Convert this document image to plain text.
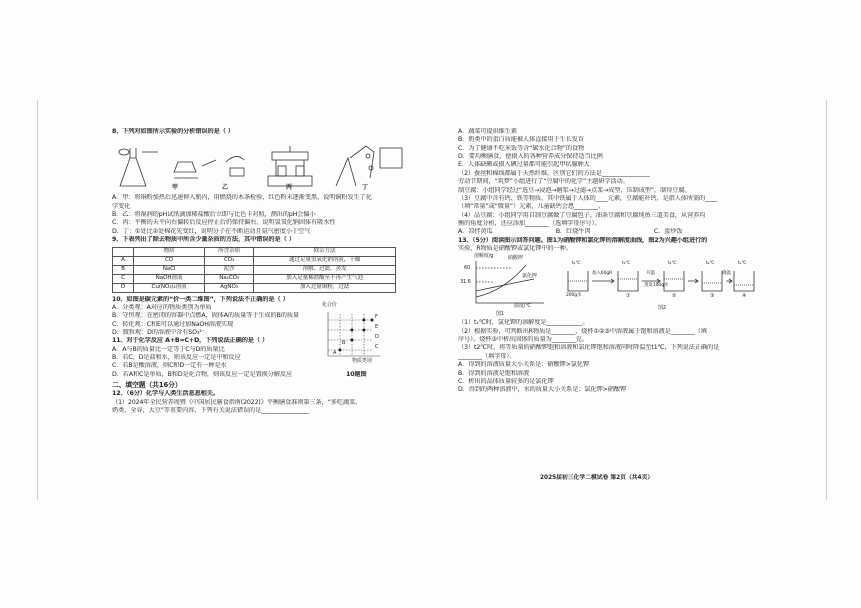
8、下列对如图所示实验的分析错误的是（ ）
甲	乙	丙	丁
A．甲：将铜粉加热后迅速伸入瓶内，用燃烧的木条检验，红色粉末逐渐变黑，说明铜粉发生了化
学变化
B．乙：将湿润的pH试纸滴加稀盐酸后立即与比色卡对照，测出的pH会偏小
C．丙：平衡的天平向右偏转后反应停止后仍保持偏右，说明氢氧化钠固体有吸水性
D．丁：①处比②处棉花先变红，说明分子在不断运动且氨气密度小于空气
9、下表列出了除去物质中所含少量杂质的方法，其中错误的是（ ）
	物质	所含杂质	除杂方法
A	CO	CO₂	通过足量氢氧化钠溶液，干燥
B	NaCl	泥沙	溶解、过滤、蒸发
C	NaOH溶液	Na₂CO₃	加入足量稀盐酸至不再产生气泡
D	Cu(NO₃)₂溶液	AgNO₃	加入过量铜粉，过滤
10、如图是碳元素的“价一类二维图”，下列说法不正确的是（ ）
A．分类观：A对应的物质类别为单质
B．守恒观：在密闭的容器中点燃A，固体A的质量等于生成的B的质量
C．转化观：C和E可以通过加NaOH溶液实现
D．微粒观：D的溶液中含有SO₃²⁻
化合价
F
E
D
C
B
A
物质类别
11、对于化学反应 A+B=C+D，下列说法正确的是（ ）
A．A与B的质量比一定等于C与D的质量比
B．若C、D是盐和水，则该反应一定是中和反应
C．若B是酸溶液，则C和D一定有一种是水
D．若A和C是单质，B和D是化合物，则该反应一定是置换分解反应	10题图
二、填空题（共16分）
12、（6分）化学与人类生活息息相关。
（1）2024年全民营养周暨《中国居民膳食指南(2022)》平衡膳食准则第三条，“多吃蔬菜、
奶类、全谷、大豆”等重要内容，下列有关说法错误的是________________
A．蔬菜可提供维生素
B．奶类中的蛋白质能被人体直接用于生长发育
C．为了健康不吃米饭等含“碳水化合物”的食物
D．要均衡膳食，使摄入的各种营养成分保持适当比例
E．人体缺碘或摄入碘过量都可能引起甲状腺肿大
（2）蚕丝和棉线都属于天然纤维，区别它们的方法是________________
劳动节期间，“筑梦”小组进行了“豆腐中的化学”主题研学活动。
制豆腐：小组同学经过“选豆→浸泡→磨浆→过滤→点浆→成型，压制成型”，制得豆腐。
（3）豆腐中含有钙、铁等物质，其中铁属于人体的____元素，豆腐能补钙，是指人体所需的____
（填“常量”或“微量”）元素，儿童缺钙会患________。
（4）品豆腐：小组同学用自制豆腐做了豆腐包子、油条豆腐和豆腐炖鱼三道美食，从营养均
衡的角度分析，还应添加________（选填字母序号）。
A．凉拌黄瓜	B．红烧牛肉	C．蛋炒饭
13、（5分）阅读图示回答问题。图1为硝酸钾和氯化钾的溶解度曲线，图2为兴趣小组进行的
实验，R物质是硝酸钾或氯化钾中的一种。
溶解度/g
60
31.6
硝酸钾
氯化钾
温度/℃
图1
加入60gR	升温
蒸发100g水
降温
t₁℃	t₁℃	t₂℃	t₂℃	t₁℃
200g水	①	②	③	④
图2
（1）t₁℃时，氯化钾的溶解度是____________。
（2）根据实验，可判断出R物质是________，烧杯①②③中溶液属于饱和溶液是________（填
序号）。烧杯③中析出固体的质量为________克。
（3）t2℃时，将等质量的硝酸钾饱和溶液和氯化钾饱和溶液同时降温至t1℃，下列说法正确的是
________（填字母）。
A．得到的溶液质量大小关系是：硝酸钾>氯化钾
B．得到的溶液是饱和溶液
C．析出的晶体质量较多的是氯化钾
D．得到的两种溶液中，水的质量大小关系是：氯化钾>硝酸钾
2025届初三化学二模试卷 第2页（共4页）
